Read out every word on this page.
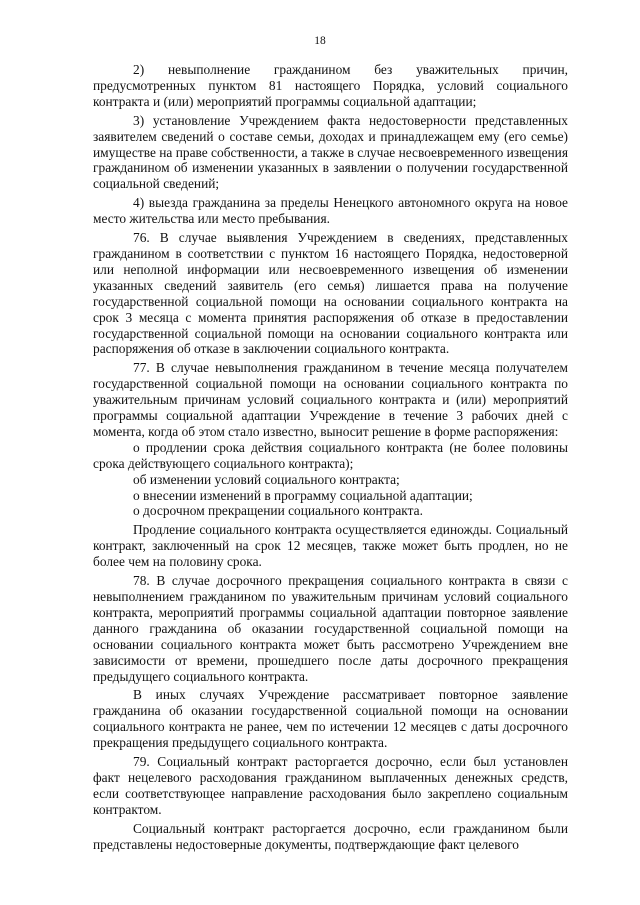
18

2) невыполнение гражданином без уважительных причин, предусмотренных пунктом 81 настоящего Порядка, условий социального контракта и (или) мероприятий программы социальной адаптации;

3) установление Учреждением факта недостоверности представленных заявителем сведений о составе семьи, доходах и принадлежащем ему (его семье) имуществе на праве собственности, а также в случае несвоевременного извещения гражданином об изменении указанных в заявлении о получении государственной социальной сведений;

4) выезда гражданина за пределы Ненецкого автономного округа на новое место жительства или место пребывания.

76. В случае выявления Учреждением в сведениях, представленных гражданином в соответствии с пунктом 16 настоящего Порядка, недостоверной или неполной информации или несвоевременного извещения об изменении указанных сведений заявитель (его семья) лишается права на получение государственной социальной помощи на основании социального контракта на срок 3 месяца с момента принятия распоряжения об отказе в предоставлении государственной социальной помощи на основании социального контракта или распоряжения об отказе в заключении социального контракта.

77. В случае невыполнения гражданином в течение месяца получателем государственной социальной помощи на основании социального контракта по уважительным причинам условий социального контракта и (или) мероприятий программы социальной адаптации Учреждение в течение 3 рабочих дней с момента, когда об этом стало известно, выносит решение в форме распоряжения:

о продлении срока действия социального контракта (не более половины срока действующего социального контракта);

об изменении условий социального контракта;

о внесении изменений в программу социальной адаптации;

о досрочном прекращении социального контракта.

Продление социального контракта осуществляется единожды. Социальный контракт, заключенный на срок 12 месяцев, также может быть продлен, но не более чем на половину срока.

78. В случае досрочного прекращения социального контракта в связи с невыполнением гражданином по уважительным причинам условий социального контракта, мероприятий программы социальной адаптации повторное заявление данного гражданина об оказании государственной социальной помощи на основании социального контракта может быть рассмотрено Учреждением вне зависимости от времени, прошедшего после даты досрочного прекращения предыдущего социального контракта.

В иных случаях Учреждение рассматривает повторное заявление гражданина об оказании государственной социальной помощи на основании социального контракта не ранее, чем по истечении 12 месяцев с даты досрочного прекращения предыдущего социального контракта.

79. Социальный контракт расторгается досрочно, если был установлен факт нецелевого расходования гражданином выплаченных денежных средств, если соответствующее направление расходования было закреплено социальным контрактом.

Социальный контракт расторгается досрочно, если гражданином были представлены недостоверные документы, подтверждающие факт целевого
